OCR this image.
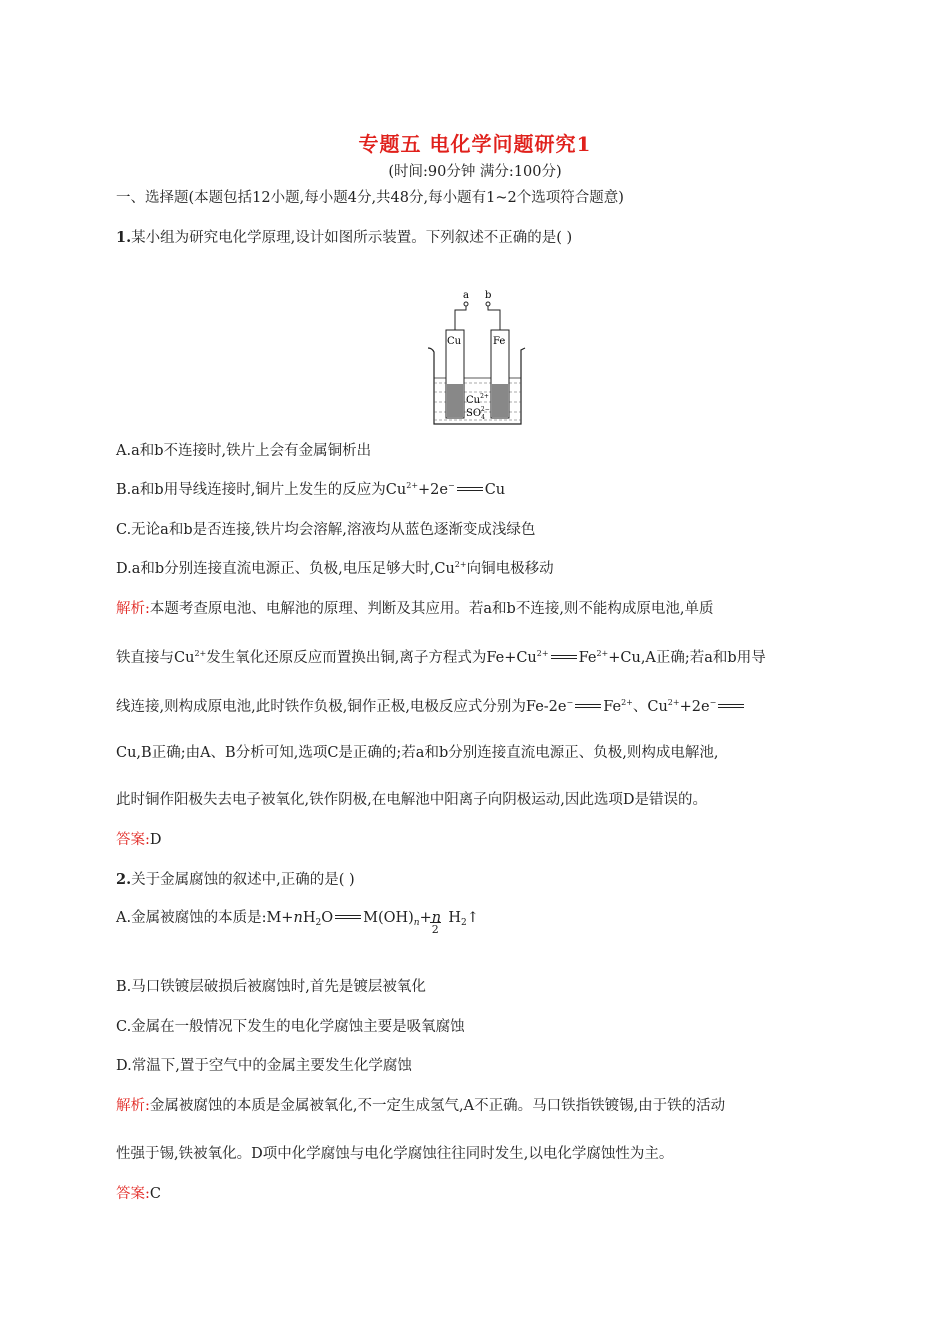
专题五 电化学问题研究1
(时间:90分钟 满分:100分)
一、选择题(本题包括12小题,每小题4分,共48分,每小题有1~2个选项符合题意)
1.某小组为研究电化学原理,设计如图所示装置。下列叙述不正确的是( )
a b
Cu	Fe
$Cu^{2+}$
$SO_42-$
A.a和b不连接时,铁片上会有金属铜析出
B.a和b用导线连接时,铜片上发生的反应为$Cu^{2+}+2e^-$ Cu
C.无论a和b是否连接,铁片均会溶解,溶液均从蓝色逐渐变成浅绿色
D.a和b分别连接直流电源正、负极,电压足够大时$,Cu^{2+}$向铜电极移动
解析:本题考查原电池、电解池的原理、判断及其应用。若a和b不连接,则不能构成原电池,单质
铁直接与$Cu^{2+}$发生氧化还原反应而置换出铜,离子方程式为$Fe+Cu^{2+}$ $Fe^{2+}+Cu,A$正确;若a和b用导
线连接,则构成原电池,此时铁作负极,铜作正极,电极反应式分别为Fe-2e− $Fe^{2+}$、$Cu^{2+}+2e^-$
Cu,B正确;由A、B分析可知,选项C是正确的;若a和b分别连接直流电源正、负极,则构成电解池,
此时铜作阳极失去电子被氧化,铁作阴极,在电解池中阳离子向阴极运动,因此选项D是错误的。
答案:D
2.关于金属腐蚀的叙述中,正确的是( )
A.金属被腐蚀的本质是$:M+nH_2O$ $M(OH)_n+n$
2
$H_2↑$
B.马口铁镀层破损后被腐蚀时,首先是镀层被氧化
C.金属在一般情况下发生的电化学腐蚀主要是吸氧腐蚀
D.常温下,置于空气中的金属主要发生化学腐蚀
解析:金属被腐蚀的本质是金属被氧化,不一定生成氢气,A不正确。马口铁指铁镀锡,由于铁的活动
性强于锡,铁被氧化。D项中化学腐蚀与电化学腐蚀往往同时发生,以电化学腐蚀性为主。
答案:C
